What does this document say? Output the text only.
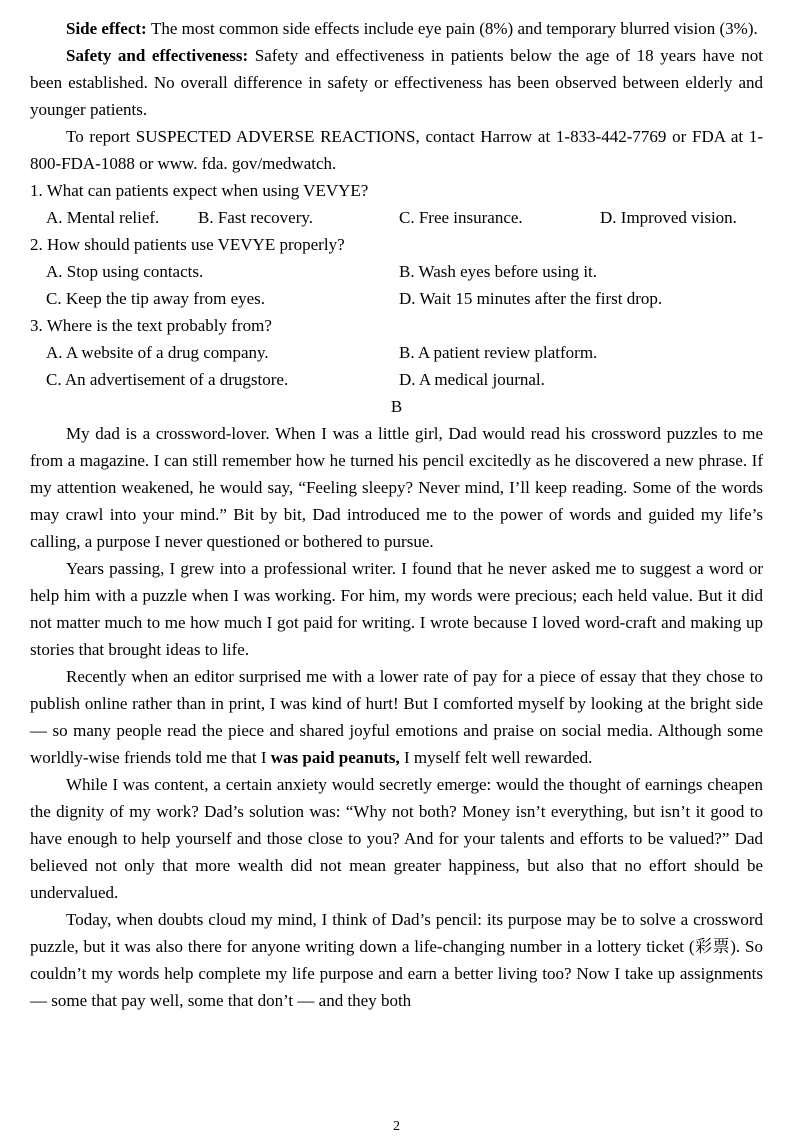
Side effect: The most common side effects include eye pain (8%) and temporary blurred vision (3%).

Safety and effectiveness: Safety and effectiveness in patients below the age of 18 years have not been established. No overall difference in safety or effectiveness has been observed between elderly and younger patients.

To report SUSPECTED ADVERSE REACTIONS, contact Harrow at 1-833-442-7769 or FDA at 1-800-FDA-1088 or www. fda. gov/medwatch.

1. What can patients expect when using VEVYE?

A. Mental relief.	B. Fast recovery.	C. Free insurance.	D. Improved vision.

2. How should patients use VEVYE properly?

A. Stop using contacts.	B. Wash eyes before using it.
C. Keep the tip away from eyes.	D. Wait 15 minutes after the first drop.

3. Where is the text probably from?

A. A website of a drug company.	B. A patient review platform.
C. An advertisement of a drugstore.	D. A medical journal.

B

My dad is a crossword-lover. When I was a little girl, Dad would read his crossword puzzles to me from a magazine. I can still remember how he turned his pencil excitedly as he discovered a new phrase. If my attention weakened, he would say, “Feeling sleepy? Never mind, I’ll keep reading. Some of the words may crawl into your mind.” Bit by bit, Dad introduced me to the power of words and guided my life’s calling, a purpose I never questioned or bothered to pursue.

Years passing, I grew into a professional writer. I found that he never asked me to suggest a word or help him with a puzzle when I was working. For him, my words were precious; each held value. But it did not matter much to me how much I got paid for writing. I wrote because I loved word-craft and making up stories that brought ideas to life.

Recently when an editor surprised me with a lower rate of pay for a piece of essay that they chose to publish online rather than in print, I was kind of hurt! But I comforted myself by looking at the bright side — so many people read the piece and shared joyful emotions and praise on social media. Although some worldly-wise friends told me that I was paid peanuts, I myself felt well rewarded.

While I was content, a certain anxiety would secretly emerge: would the thought of earnings cheapen the dignity of my work? Dad’s solution was: “Why not both? Money isn’t everything, but isn’t it good to have enough to help yourself and those close to you? And for your talents and efforts to be valued?” Dad believed not only that more wealth did not mean greater happiness, but also that no effort should be undervalued.

Today, when doubts cloud my mind, I think of Dad’s pencil: its purpose may be to solve a crossword puzzle, but it was also there for anyone writing down a life-changing number in a lottery ticket (彩票). So couldn’t my words help complete my life purpose and earn a better living too? Now I take up assignments — some that pay well, some that don’t — and they both

2
